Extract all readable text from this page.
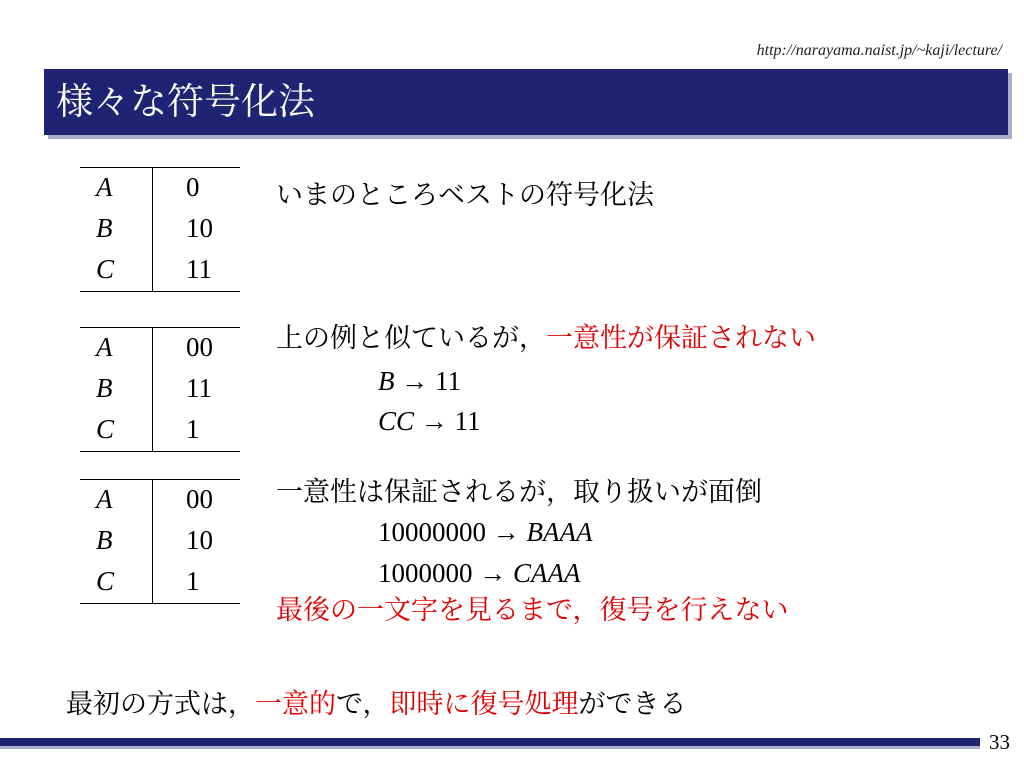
http://narayama.naist.jp/~kaji/lecture/
様々な符号化法
A	0
B	10
C	11
A	00
B	11
C	1
A	00
B	10
C	1
いまのところベストの符号化法
上の例と似ているが，一意性が保証されない
B → 11
CC → 11
一意性は保証されるが，取り扱いが面倒
10000000 → BAAA
1000000 → CAAA
最後の一文字を見るまで，復号を行えない
最初の方式は，一意的で，即時に復号処理ができる
33
